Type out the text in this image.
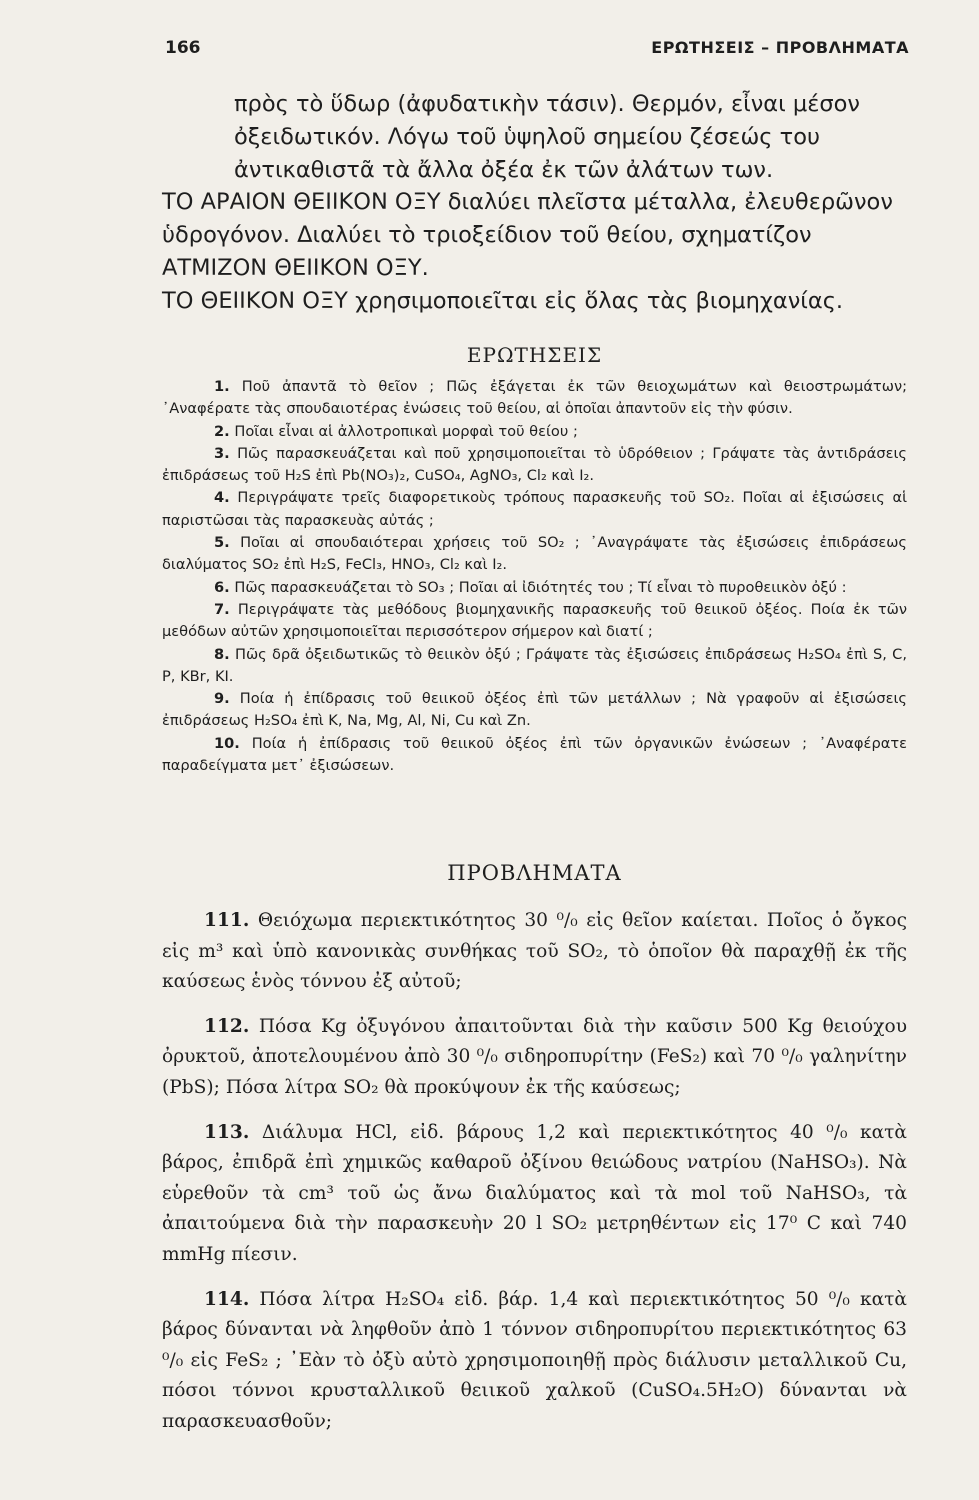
166	ΕΡΩΤΗΣΕΙΣ – ΠΡΟΒΛΗΜΑΤΑ

πρὸς τὸ ὕδωρ (ἀφυδατικὴν τάσιν). Θερμόν, εἶναι μέσον ὀξειδωτικόν. Λόγω τοῦ ὑψηλοῦ σημείου ζέσεώς του ἀντικαθιστᾶ τὰ ἄλλα ὀξέα ἐκ τῶν ἀλάτων των.

ΤΟ ΑΡΑΙΟΝ ΘΕΙΙΚΟΝ ΟΞΥ διαλύει πλεῖστα μέταλλα, ἐλευθερῶνον ὑδρογόνον. Διαλύει τὸ τριοξείδιον τοῦ θείου, σχηματίζον ΑΤΜΙΖΟΝ ΘΕΙΙΚΟΝ ΟΞΥ.

ΤΟ ΘΕΙΙΚΟΝ ΟΞΥ χρησιμοποιεῖται εἰς ὅλας τὰς βιομηχανίας.

ΕΡΩΤΗΣΕΙΣ

1. Ποῦ ἀπαντᾶ τὸ θεῖον ; Πῶς ἐξάγεται ἐκ τῶν θειοχωμάτων καὶ θειοστρωμάτων; ᾿Αναφέρατε τὰς σπουδαιοτέρας ἐνώσεις τοῦ θείου, αἱ ὁποῖαι ἀπαντοῦν εἰς τὴν φύσιν.

2. Ποῖαι εἶναι αἱ ἀλλοτροπικαὶ μορφαὶ τοῦ θείου ;

3. Πῶς παρασκευάζεται καὶ ποῦ χρησιμοποιεῖται τὸ ὑδρόθειον ; Γράψατε τὰς ἀντιδράσεις ἐπιδράσεως τοῦ H₂S ἐπὶ Pb(NO₃)₂, CuSO₄, AgNO₃, Cl₂ καὶ I₂.

4. Περιγράψατε τρεῖς διαφορετικοὺς τρόπους παρασκευῆς τοῦ SO₂. Ποῖαι αἱ ἐξισώσεις αἱ παριστῶσαι τὰς παρασκευὰς αὐτάς ;

5. Ποῖαι αἱ σπουδαιότεραι χρήσεις τοῦ SO₂ ; ᾿Αναγράψατε τὰς ἐξισώσεις ἐπιδράσεως διαλύματος SO₂ ἐπὶ H₂S, FeCl₃, HNO₃, Cl₂ καὶ I₂.

6. Πῶς παρασκευάζεται τὸ SO₃ ; Ποῖαι αἱ ἰδιότητές του ; Τί εἶναι τὸ πυροθειικὸν ὀξύ :

7. Περιγράψατε τὰς μεθόδους βιομηχανικῆς παρασκευῆς τοῦ θειικοῦ ὀξέος. Ποία ἐκ τῶν μεθόδων αὐτῶν χρησιμοποιεῖται περισσότερον σήμερον καὶ διατί ;

8. Πῶς δρᾶ ὀξειδωτικῶς τὸ θειικὸν ὀξύ ; Γράψατε τὰς ἐξισώσεις ἐπιδράσεως H₂SO₄ ἐπὶ S, C, P, KBr, KI.

9. Ποία ἡ ἐπίδρασις τοῦ θειικοῦ ὀξέος ἐπὶ τῶν μετάλλων ; Νὰ γραφοῦν αἱ ἐξισώσεις ἐπιδράσεως H₂SO₄ ἐπὶ K, Na, Mg, Al, Ni, Cu καὶ Zn.

10. Ποία ἡ ἐπίδρασις τοῦ θειικοῦ ὀξέος ἐπὶ τῶν ὀργανικῶν ἐνώσεων ; ᾿Αναφέρατε παραδείγματα μετ᾿ ἐξισώσεων.

ΠΡΟΒΛΗΜΑΤΑ

111. Θειόχωμα περιεκτικότητος 30 ⁰/₀ εἰς θεῖον καίεται. Ποῖος ὁ ὄγκος εἰς m³ καὶ ὑπὸ κανονικὰς συνθήκας τοῦ SO₂, τὸ ὁποῖον θὰ παραχθῇ ἐκ τῆς καύσεως ἑνὸς τόννου ἐξ αὐτοῦ;

112. Πόσα Kg ὀξυγόνου ἀπαιτοῦνται διὰ τὴν καῦσιν 500 Kg θειούχου ὀρυκτοῦ, ἀποτελουμένου ἀπὸ 30 ⁰/₀ σιδηροπυρίτην (FeS₂) καὶ 70 ⁰/₀ γαληνίτην (PbS); Πόσα λίτρα SO₂ θὰ προκύψουν ἐκ τῆς καύσεως;

113. Διάλυμα HCl, εἰδ. βάρους 1,2 καὶ περιεκτικότητος 40 ⁰/₀ κατὰ βάρος, ἐπιδρᾶ ἐπὶ χημικῶς καθαροῦ ὀξίνου θειώδους νατρίου (NaHSO₃). Νὰ εὑρεθοῦν τὰ cm³ τοῦ ὡς ἄνω διαλύματος καὶ τὰ mol τοῦ NaHSO₃, τὰ ἀπαιτούμενα διὰ τὴν παρασκευὴν 20 l SO₂ μετρηθέντων εἰς 17⁰ C καὶ 740 mmHg πίεσιν.

114. Πόσα λίτρα H₂SO₄ εἰδ. βάρ. 1,4 καὶ περιεκτικότητος 50 ⁰/₀ κατὰ βάρος δύνανται νὰ ληφθοῦν ἀπὸ 1 τόννον σιδηροπυρίτου περιεκτικότητος 63 ⁰/₀ εἰς FeS₂ ; ᾿Εὰν τὸ ὀξὺ αὐτὸ χρησιμοποιηθῇ πρὸς διάλυσιν μεταλλικοῦ Cu, πόσοι τόννοι κρυσταλλικοῦ θειικοῦ χαλκοῦ (CuSO₄.5H₂O) δύνανται νὰ παρασκευασθοῦν;
